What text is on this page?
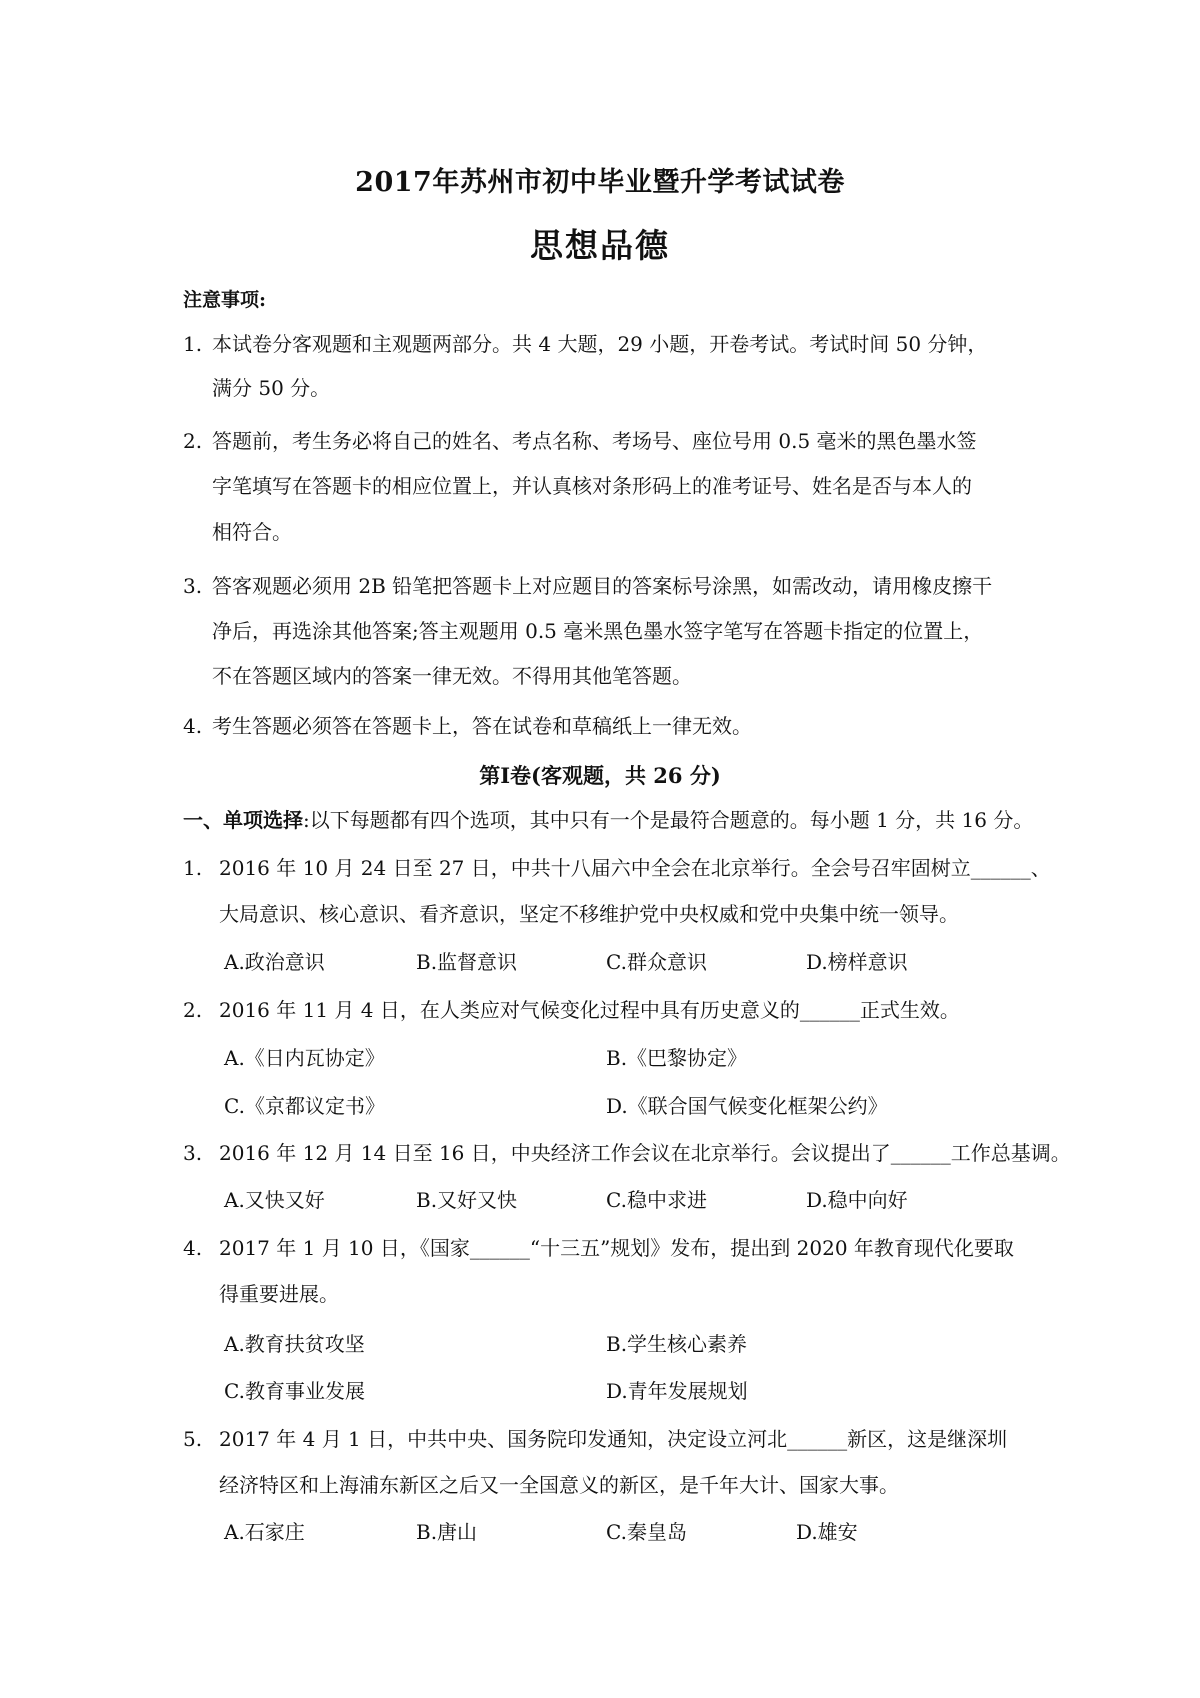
2017年苏州市初中毕业暨升学考试试卷
思想品德
注意事项:
1. 本试卷分客观题和主观题两部分。共 4 大题，29 小题，开卷考试。考试时间 50 分钟，
满分 50 分。
2. 答题前，考生务必将自己的姓名、考点名称、考场号、座位号用 0.5 毫米的黑色墨水签
字笔填写在答题卡的相应位置上，并认真核对条形码上的准考证号、姓名是否与本人的
相符合。
3. 答客观题必须用 2B 铅笔把答题卡上对应题目的答案标号涂黑，如需改动，请用橡皮擦干
净后，再选涂其他答案;答主观题用 0.5 毫米黑色墨水签字笔写在答题卡指定的位置上，
不在答题区域内的答案一律无效。不得用其他笔答题。
4. 考生答题必须答在答题卡上，答在试卷和草稿纸上一律无效。
第Ⅰ卷(客观题，共 26 分)
一、单项选择:以下每题都有四个选项，其中只有一个是最符合题意的。每小题 1 分，共 16 分。
1. 2016 年 10 月 24 日至 27 日，中共十八届六中全会在北京举行。全会号召牢固树立______、
大局意识、核心意识、看齐意识，坚定不移维护党中央权威和党中央集中统一领导。
A.政治意识	B.监督意识	C.群众意识	D.榜样意识
2. 2016 年 11 月 4 日，在人类应对气候变化过程中具有历史意义的______正式生效。
A.《日内瓦协定》	B.《巴黎协定》
C.《京都议定书》	D.《联合国气候变化框架公约》
3. 2016 年 12 月 14 日至 16 日，中央经济工作会议在北京举行。会议提出了______工作总基调。
A.又快又好	B.又好又快	C.稳中求进	D.稳中向好
4. 2017 年 1 月 10 日，《国家______“十三五”规划》发布，提出到 2020 年教育现代化要取
得重要进展。
A.教育扶贫攻坚	B.学生核心素养
C.教育事业发展	D.青年发展规划
5. 2017 年 4 月 1 日，中共中央、国务院印发通知，决定设立河北______新区，这是继深圳
经济特区和上海浦东新区之后又一全国意义的新区，是千年大计、国家大事。
A.石家庄	B.唐山	C.秦皇岛	D.雄安
